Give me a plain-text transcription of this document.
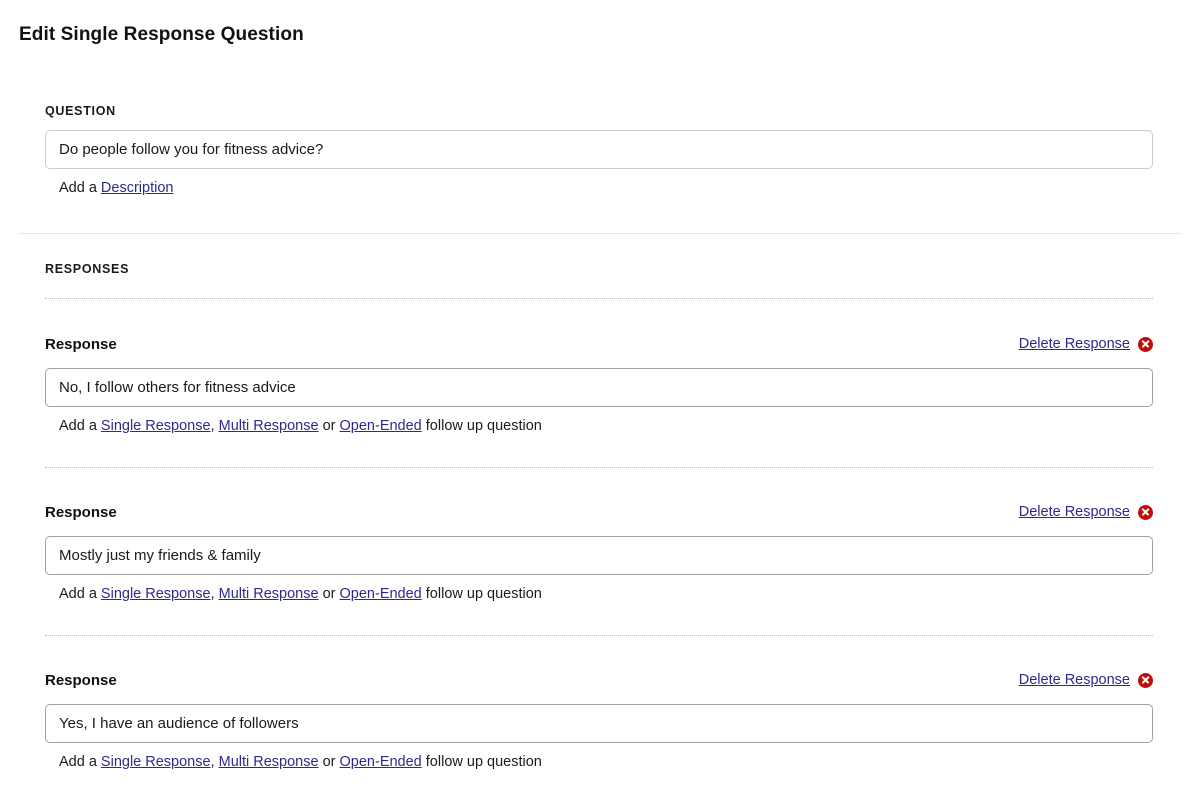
Edit Single Response Question
QUESTION
Do people follow you for fitness advice?
Add a Description
RESPONSES
Response	Delete Response
No, I follow others for fitness advice
Add a Single Response, Multi Response or Open-Ended follow up question
Response	Delete Response
Mostly just my friends & family
Add a Single Response, Multi Response or Open-Ended follow up question
Response	Delete Response
Yes, I have an audience of followers
Add a Single Response, Multi Response or Open-Ended follow up question
